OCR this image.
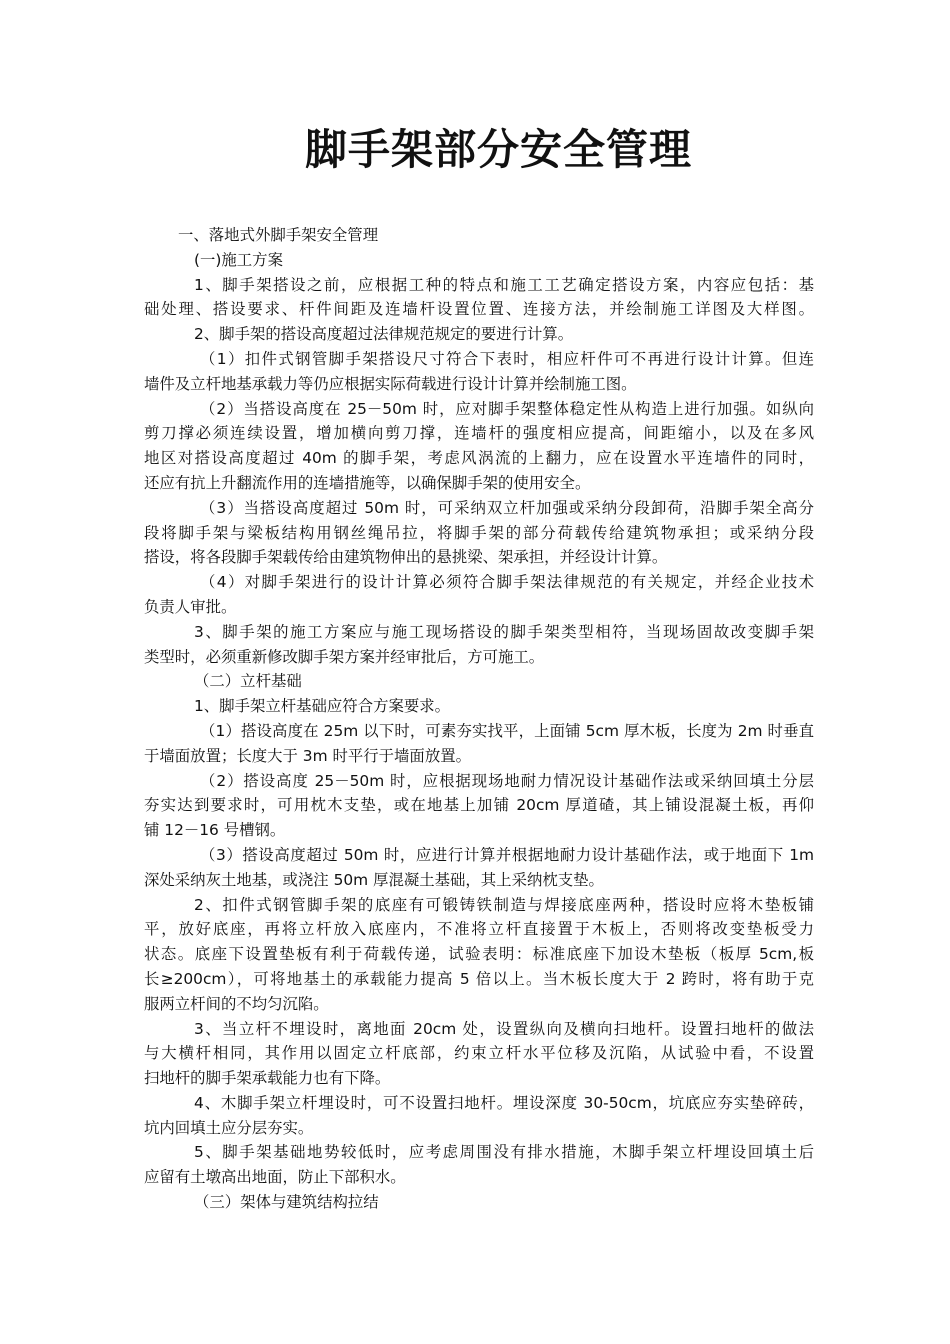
脚手架部分安全管理
一、落地式外脚手架安全管理
(一)施工方案
1、脚手架搭设之前，应根据工种的特点和施工工艺确定搭设方案，内容应包括：基
础处理、搭设要求、杆件间距及连墙杆设置位置、连接方法，并绘制施工详图及大样图。
2、脚手架的搭设高度超过法律规范规定的要进行计算。
（1）扣件式钢管脚手架搭设尺寸符合下表时，相应杆件可不再进行设计计算。但连
墙件及立杆地基承载力等仍应根据实际荷载进行设计计算并绘制施工图。
（2）当搭设高度在 25－50m 时，应对脚手架整体稳定性从构造上进行加强。如纵向
剪刀撑必须连续设置，增加横向剪刀撑，连墙杆的强度相应提高，间距缩小，以及在多风
地区对搭设高度超过 40m 的脚手架，考虑风涡流的上翻力，应在设置水平连墙件的同时，
还应有抗上升翻流作用的连墙措施等，以确保脚手架的使用安全。
（3）当搭设高度超过 50m 时，可采纳双立杆加强或采纳分段卸荷，沿脚手架全高分
段将脚手架与梁板结构用钢丝绳吊拉，将脚手架的部分荷载传给建筑物承担；或采纳分段
搭设，将各段脚手架载传给由建筑物伸出的悬挑梁、架承担，并经设计计算。
（4）对脚手架进行的设计计算必须符合脚手架法律规范的有关规定，并经企业技术
负责人审批。
3、脚手架的施工方案应与施工现场搭设的脚手架类型相符，当现场固故改变脚手架
类型时，必须重新修改脚手架方案并经审批后，方可施工。
（二）立杆基础
1、脚手架立杆基础应符合方案要求。
（1）搭设高度在 25m 以下时，可素夯实找平，上面铺 5cm 厚木板，长度为 2m 时垂直
于墙面放置；长度大于 3m 时平行于墙面放置。
（2）搭设高度 25－50m 时，应根据现场地耐力情况设计基础作法或采纳回填土分层
夯实达到要求时，可用枕木支垫，或在地基上加铺 20cm 厚道碴，其上铺设混凝土板，再仰
铺 12－16 号槽钢。
（3）搭设高度超过 50m 时，应进行计算并根据地耐力设计基础作法，或于地面下 1m
深处采纳灰土地基，或浇注 50m 厚混凝土基础，其上采纳枕支垫。
2、扣件式钢管脚手架的底座有可锻铸铁制造与焊接底座两种，搭设时应将木垫板铺
平，放好底座，再将立杆放入底座内，不准将立杆直接置于木板上，否则将改变垫板受力
状态。底座下设置垫板有利于荷载传递，试验表明：标准底座下加设木垫板（板厚 5cm,板
长≥200cm），可将地基土的承载能力提高 5 倍以上。当木板长度大于 2 跨时，将有助于克
服两立杆间的不均匀沉陷。
3、当立杆不埋设时，离地面 20cm 处，设置纵向及横向扫地杆。设置扫地杆的做法
与大横杆相同，其作用以固定立杆底部，约束立杆水平位移及沉陷，从试验中看，不设置
扫地杆的脚手架承载能力也有下降。
4、木脚手架立杆埋设时，可不设置扫地杆。埋设深度 30-50cm，坑底应夯实垫碎砖，
坑内回填土应分层夯实。
5、脚手架基础地势较低时，应考虑周围没有排水措施，木脚手架立杆埋设回填土后
应留有土墩高出地面，防止下部积水。
（三）架体与建筑结构拉结
